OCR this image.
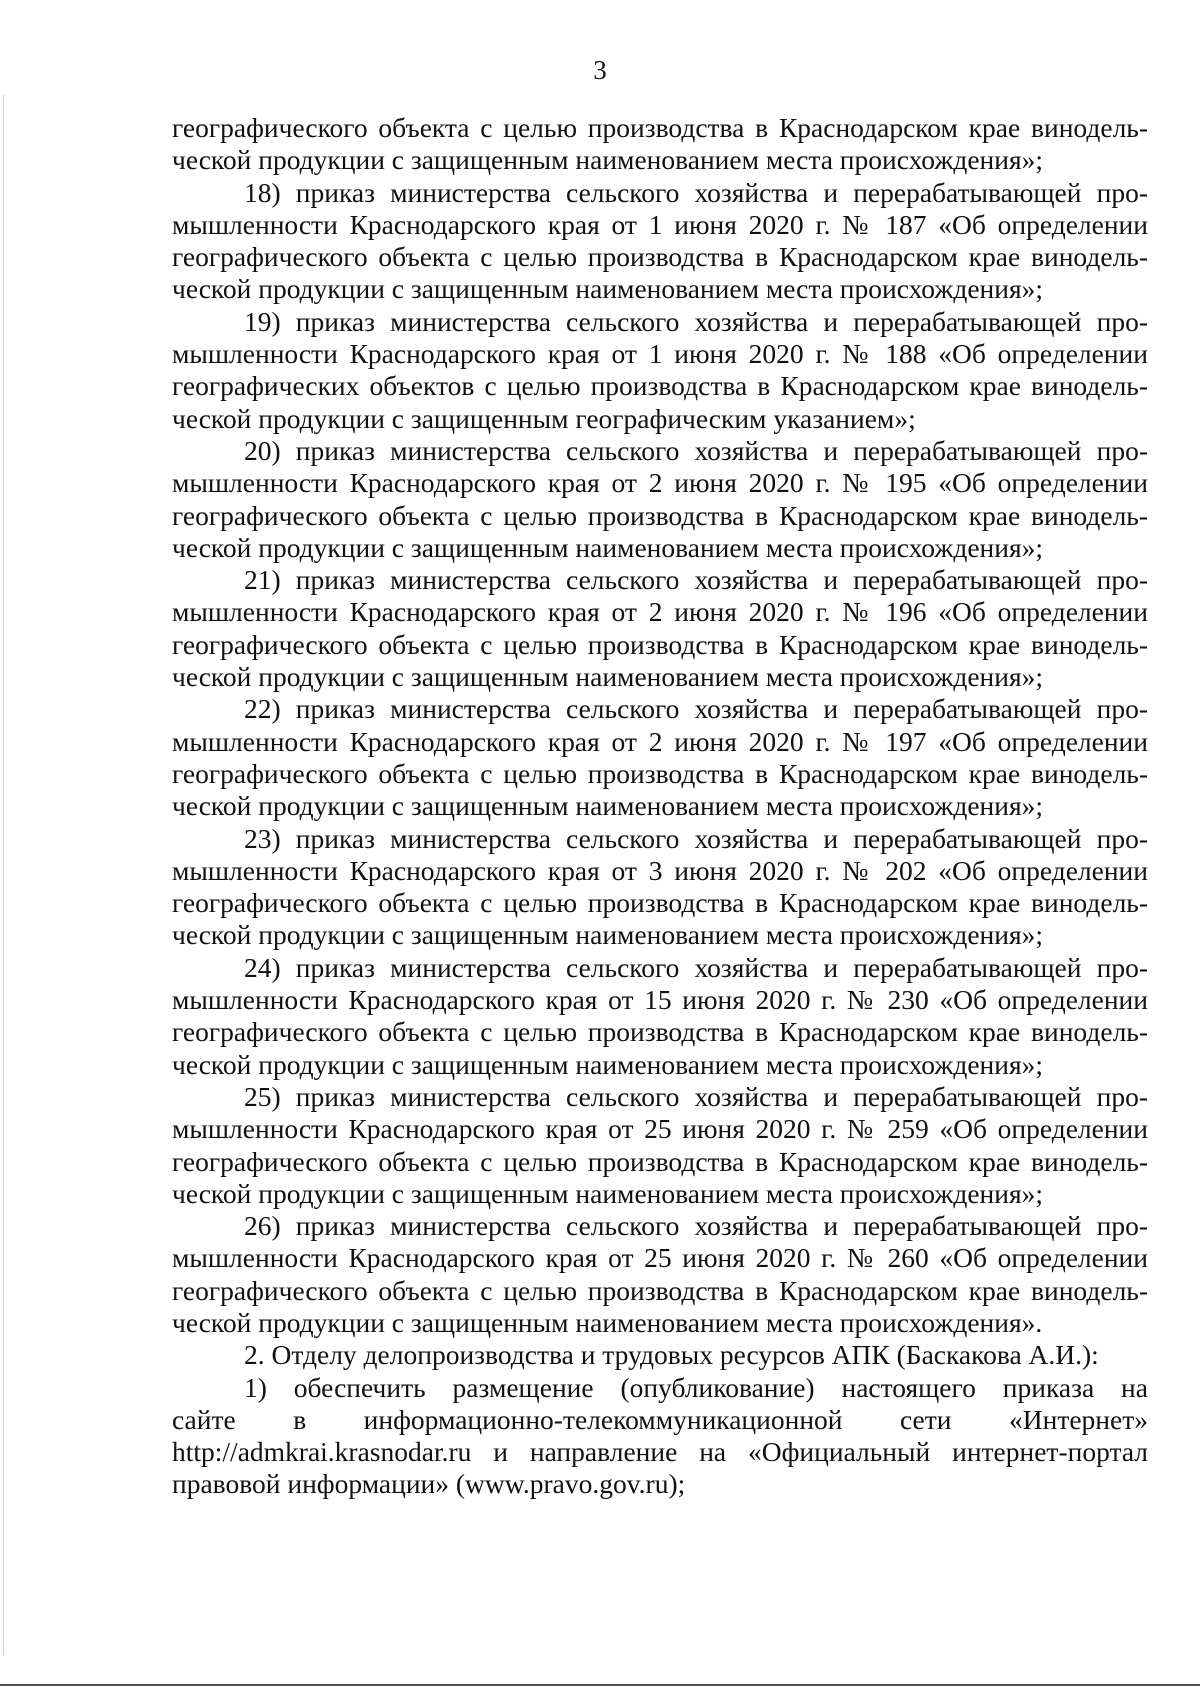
3

географического объекта с целью производства в Краснодарском крае винодель-
ческой продукции с защищенным наименованием места происхождения»;

18) приказ министерства сельского хозяйства и перерабатывающей про-
мышленности Краснодарского края от 1 июня 2020 г. № 187 «Об определении
географического объекта с целью производства в Краснодарском крае винодель-
ческой продукции с защищенным наименованием места происхождения»;

19) приказ министерства сельского хозяйства и перерабатывающей про-
мышленности Краснодарского края от 1 июня 2020 г. № 188 «Об определении
географических объектов с целью производства в Краснодарском крае винодель-
ческой продукции с защищенным географическим указанием»;

20) приказ министерства сельского хозяйства и перерабатывающей про-
мышленности Краснодарского края от 2 июня 2020 г. № 195 «Об определении
географического объекта с целью производства в Краснодарском крае винодель-
ческой продукции с защищенным наименованием места происхождения»;

21) приказ министерства сельского хозяйства и перерабатывающей про-
мышленности Краснодарского края от 2 июня 2020 г. № 196 «Об определении
географического объекта с целью производства в Краснодарском крае винодель-
ческой продукции с защищенным наименованием места происхождения»;

22) приказ министерства сельского хозяйства и перерабатывающей про-
мышленности Краснодарского края от 2 июня 2020 г. № 197 «Об определении
географического объекта с целью производства в Краснодарском крае винодель-
ческой продукции с защищенным наименованием места происхождения»;

23) приказ министерства сельского хозяйства и перерабатывающей про-
мышленности Краснодарского края от 3 июня 2020 г. № 202 «Об определении
географического объекта с целью производства в Краснодарском крае винодель-
ческой продукции с защищенным наименованием места происхождения»;

24) приказ министерства сельского хозяйства и перерабатывающей про-
мышленности Краснодарского края от 15 июня 2020 г. № 230 «Об определении
географического объекта с целью производства в Краснодарском крае винодель-
ческой продукции с защищенным наименованием места происхождения»;

25) приказ министерства сельского хозяйства и перерабатывающей про-
мышленности Краснодарского края от 25 июня 2020 г. № 259 «Об определении
географического объекта с целью производства в Краснодарском крае винодель-
ческой продукции с защищенным наименованием места происхождения»;

26) приказ министерства сельского хозяйства и перерабатывающей про-
мышленности Краснодарского края от 25 июня 2020 г. № 260 «Об определении
географического объекта с целью производства в Краснодарском крае винодель-
ческой продукции с защищенным наименованием места происхождения».

2. Отделу делопроизводства и трудовых ресурсов АПК (Баскакова А.И.):

1) обеспечить размещение (опубликование) настоящего приказа на
сайте в информационно-телекоммуникационной сети «Интернет»
http://admkrai.krasnodar.ru и направление на «Официальный интернет-портал
правовой информации» (www.pravo.gov.ru);
